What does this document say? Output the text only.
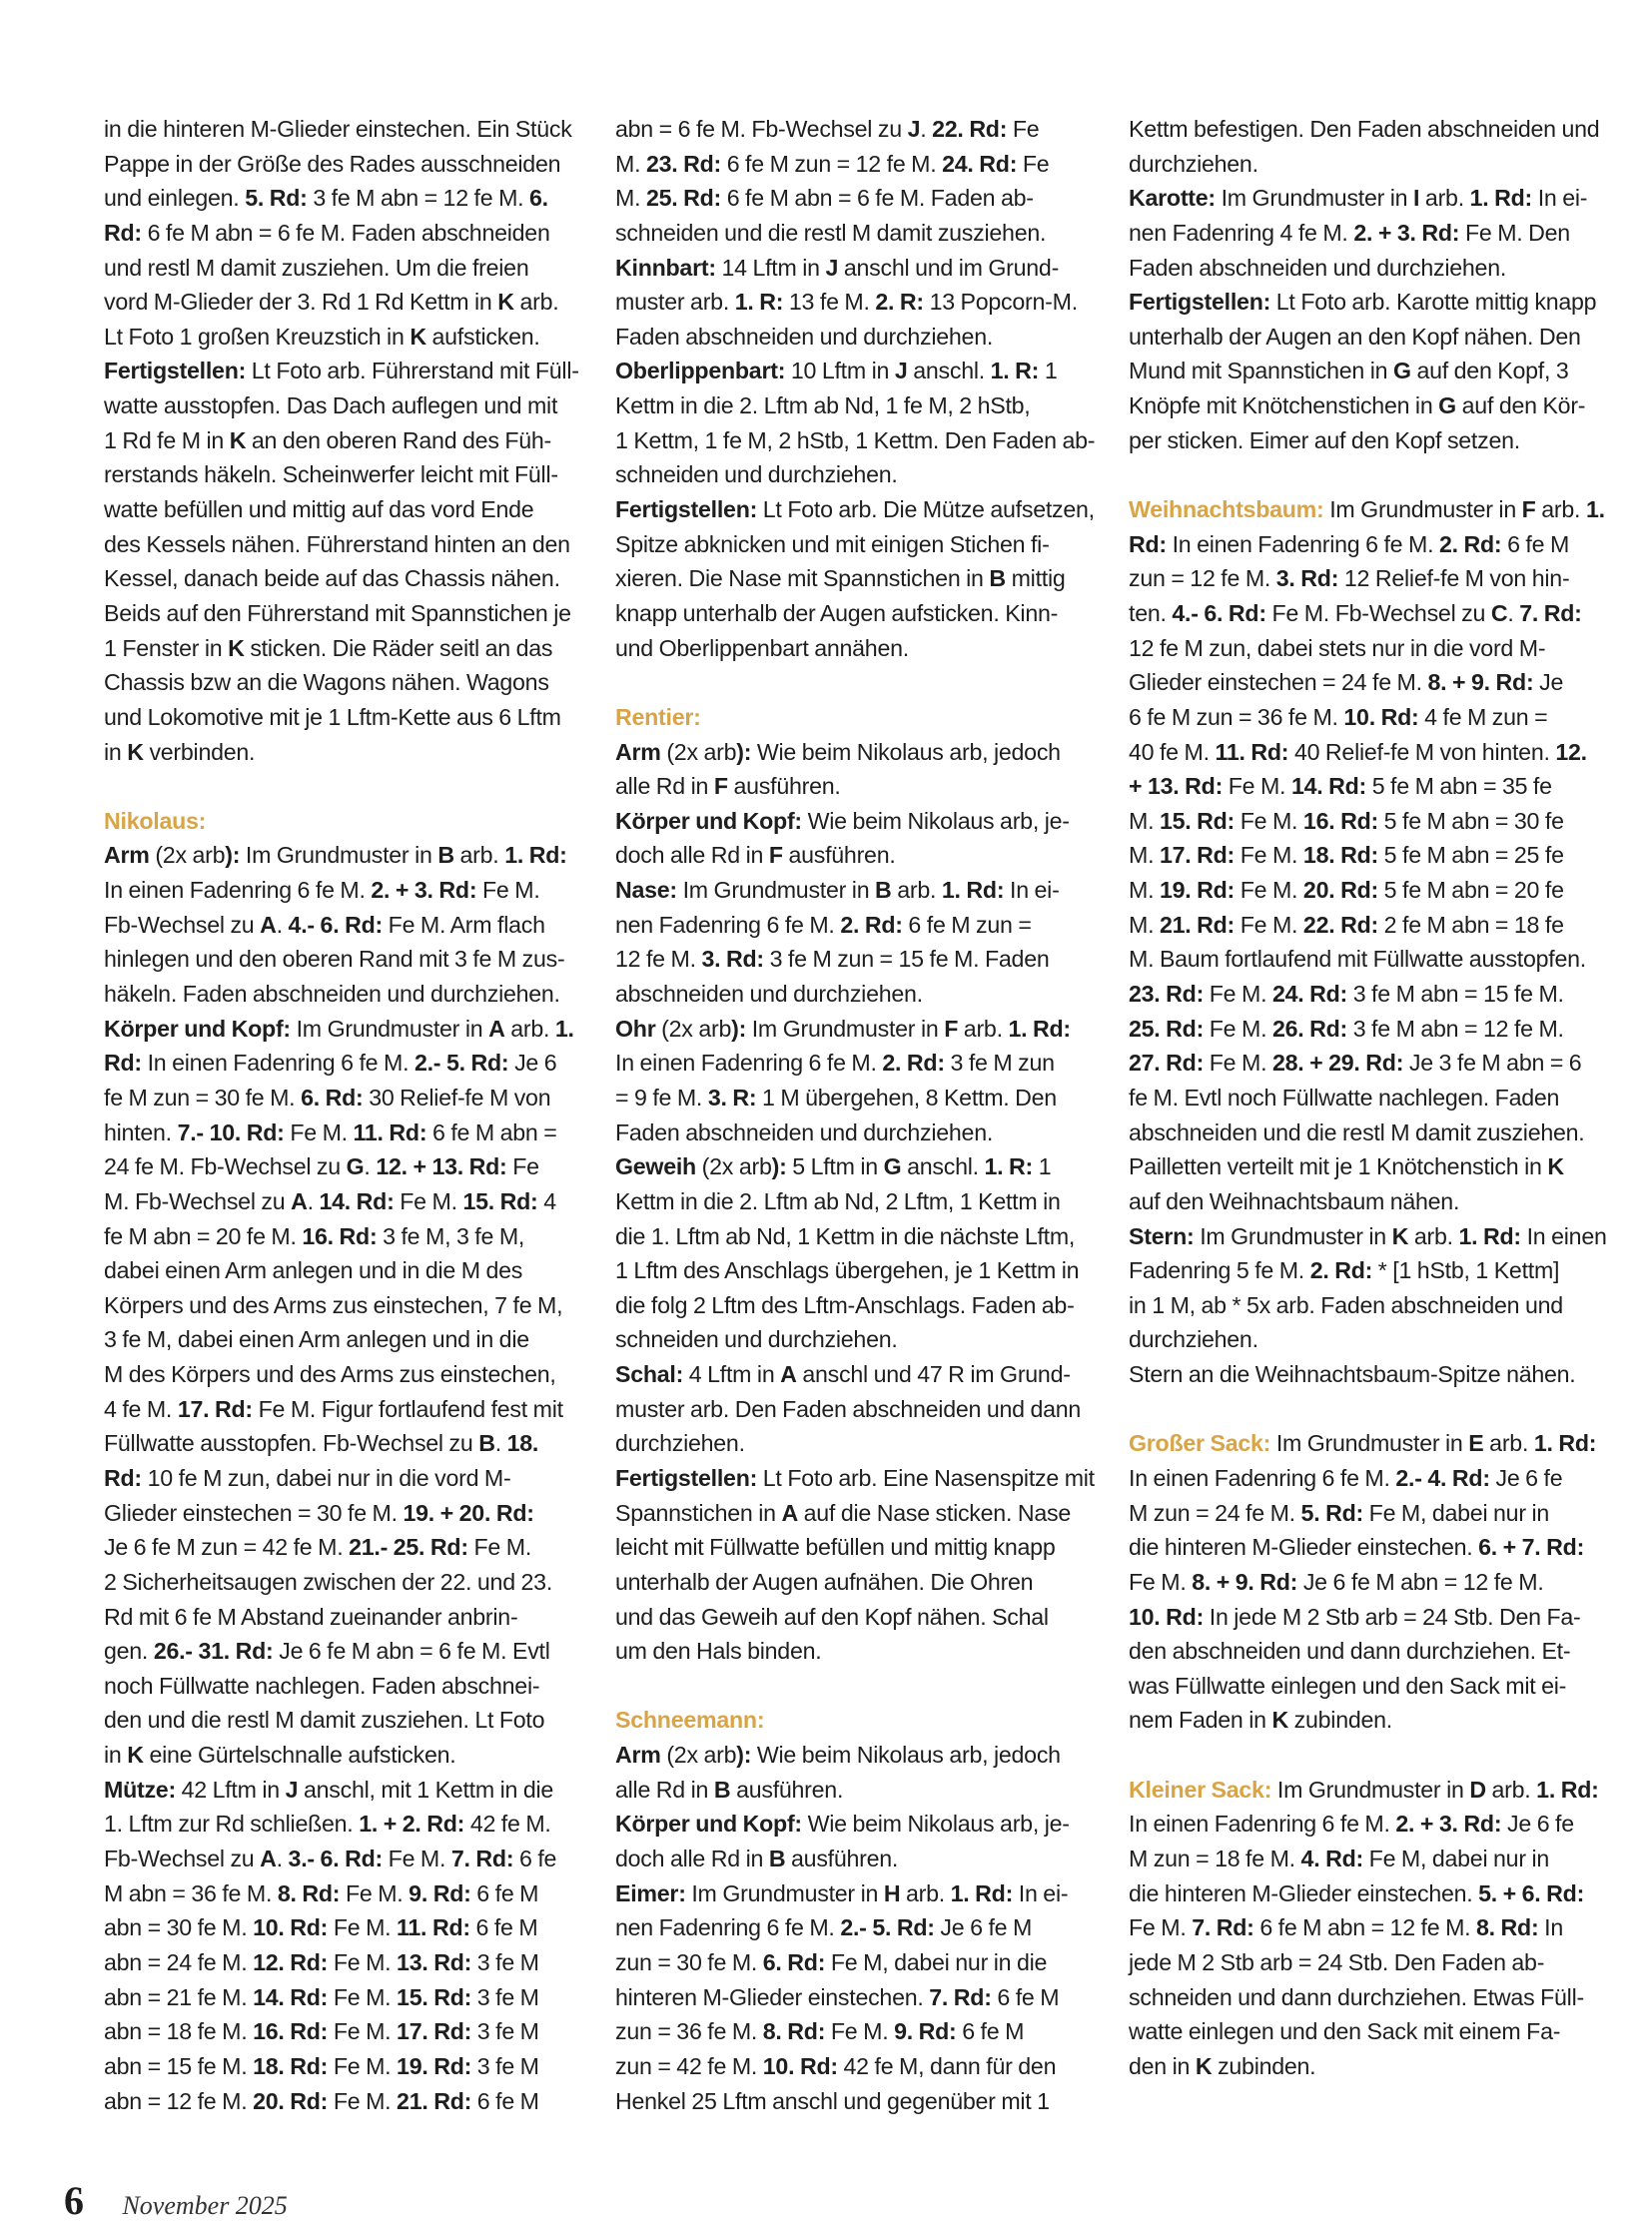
in die hinteren M-Glieder einstechen. Ein Stück
Pappe in der Größe des Rades ausschneiden
und einlegen. 5. Rd: 3 fe M abn = 12 fe M. 6.
Rd: 6 fe M abn = 6 fe M. Faden abschneiden
und restl M damit zusziehen. Um die freien
vord M-Glieder der 3. Rd 1 Rd Kettm in K arb.
Lt Foto 1 großen Kreuzstich in K aufsticken.
Fertigstellen: Lt Foto arb. Führerstand mit Füll-
watte ausstopfen. Das Dach auflegen und mit
1 Rd fe M in K an den oberen Rand des Füh-
rerstands häkeln. Scheinwerfer leicht mit Füll-
watte befüllen und mittig auf das vord Ende
des Kessels nähen. Führerstand hinten an den
Kessel, danach beide auf das Chassis nähen.
Beids auf den Führerstand mit Spannstichen je
1 Fenster in K sticken. Die Räder seitl an das
Chassis bzw an die Wagons nähen. Wagons
und Lokomotive mit je 1 Lftm-Kette aus 6 Lftm
in K verbinden.
Nikolaus:
Arm (2x arb): Im Grundmuster in B arb. 1. Rd:
In einen Fadenring 6 fe M. 2. + 3. Rd: Fe M.
Fb-Wechsel zu A. 4.- 6. Rd: Fe M. Arm flach
hinlegen und den oberen Rand mit 3 fe M zus-
häkeln. Faden abschneiden und durchziehen.
Körper und Kopf: Im Grundmuster in A arb. 1.
Rd: In einen Fadenring 6 fe M. 2.- 5. Rd: Je 6
fe M zun = 30 fe M. 6. Rd: 30 Relief-fe M von
hinten. 7.- 10. Rd: Fe M. 11. Rd: 6 fe M abn =
24 fe M. Fb-Wechsel zu G. 12. + 13. Rd: Fe
M. Fb-Wechsel zu A. 14. Rd: Fe M. 15. Rd: 4
fe M abn = 20 fe M. 16. Rd: 3 fe M, 3 fe M,
dabei einen Arm anlegen und in die M des
Körpers und des Arms zus einstechen, 7 fe M,
3 fe M, dabei einen Arm anlegen und in die
M des Körpers und des Arms zus einstechen,
4 fe M. 17. Rd: Fe M. Figur fortlaufend fest mit
Füllwatte ausstopfen. Fb-Wechsel zu B. 18.
Rd: 10 fe M zun, dabei nur in die vord M-
Glieder einstechen = 30 fe M. 19. + 20. Rd:
Je 6 fe M zun = 42 fe M. 21.- 25. Rd: Fe M.
2 Sicherheitsaugen zwischen der 22. und 23.
Rd mit 6 fe M Abstand zueinander anbrin-
gen. 26.- 31. Rd: Je 6 fe M abn = 6 fe M. Evtl
noch Füllwatte nachlegen. Faden abschnei-
den und die restl M damit zusziehen. Lt Foto
in K eine Gürtelschnalle aufsticken.
Mütze: 42 Lftm in J anschl, mit 1 Kettm in die
1. Lftm zur Rd schließen. 1. + 2. Rd: 42 fe M.
Fb-Wechsel zu A. 3.- 6. Rd: Fe M. 7. Rd: 6 fe
M abn = 36 fe M. 8. Rd: Fe M. 9. Rd: 6 fe M
abn = 30 fe M. 10. Rd: Fe M. 11. Rd: 6 fe M
abn = 24 fe M. 12. Rd: Fe M. 13. Rd: 3 fe M
abn = 21 fe M. 14. Rd: Fe M. 15. Rd: 3 fe M
abn = 18 fe M. 16. Rd: Fe M. 17. Rd: 3 fe M
abn = 15 fe M. 18. Rd: Fe M. 19. Rd: 3 fe M
abn = 12 fe M. 20. Rd: Fe M. 21. Rd: 6 fe M
abn = 6 fe M. Fb-Wechsel zu J. 22. Rd: Fe
M. 23. Rd: 6 fe M zun = 12 fe M. 24. Rd: Fe
M. 25. Rd: 6 fe M abn = 6 fe M. Faden ab-
schneiden und die restl M damit zusziehen.
Kinnbart: 14 Lftm in J anschl und im Grund-
muster arb. 1. R: 13 fe M. 2. R: 13 Popcorn-M.
Faden abschneiden und durchziehen.
Oberlippenbart: 10 Lftm in J anschl. 1. R: 1
Kettm in die 2. Lftm ab Nd, 1 fe M, 2 hStb,
1 Kettm, 1 fe M, 2 hStb, 1 Kettm. Den Faden ab-
schneiden und durchziehen.
Fertigstellen: Lt Foto arb. Die Mütze aufsetzen,
Spitze abknicken und mit einigen Stichen fi-
xieren. Die Nase mit Spannstichen in B mittig
knapp unterhalb der Augen aufsticken. Kinn-
und Oberlippenbart annähen.
Rentier:
Arm (2x arb): Wie beim Nikolaus arb, jedoch
alle Rd in F ausführen.
Körper und Kopf: Wie beim Nikolaus arb, je-
doch alle Rd in F ausführen.
Nase: Im Grundmuster in B arb. 1. Rd: In ei-
nen Fadenring 6 fe M. 2. Rd: 6 fe M zun =
12 fe M. 3. Rd: 3 fe M zun = 15 fe M. Faden
abschneiden und durchziehen.
Ohr (2x arb): Im Grundmuster in F arb. 1. Rd:
In einen Fadenring 6 fe M. 2. Rd: 3 fe M zun
= 9 fe M. 3. R: 1 M übergehen, 8 Kettm. Den
Faden abschneiden und durchziehen.
Geweih (2x arb): 5 Lftm in G anschl. 1. R: 1
Kettm in die 2. Lftm ab Nd, 2 Lftm, 1 Kettm in
die 1. Lftm ab Nd, 1 Kettm in die nächste Lftm,
1 Lftm des Anschlags übergehen, je 1 Kettm in
die folg 2 Lftm des Lftm-Anschlags. Faden ab-
schneiden und durchziehen.
Schal: 4 Lftm in A anschl und 47 R im Grund-
muster arb. Den Faden abschneiden und dann
durchziehen.
Fertigstellen: Lt Foto arb. Eine Nasenspitze mit
Spannstichen in A auf die Nase sticken. Nase
leicht mit Füllwatte befüllen und mittig knapp
unterhalb der Augen aufnähen. Die Ohren
und das Geweih auf den Kopf nähen. Schal
um den Hals binden.
Schneemann:
Arm (2x arb): Wie beim Nikolaus arb, jedoch
alle Rd in B ausführen.
Körper und Kopf: Wie beim Nikolaus arb, je-
doch alle Rd in B ausführen.
Eimer: Im Grundmuster in H arb. 1. Rd: In ei-
nen Fadenring 6 fe M. 2.- 5. Rd: Je 6 fe M
zun = 30 fe M. 6. Rd: Fe M, dabei nur in die
hinteren M-Glieder einstechen. 7. Rd: 6 fe M
zun = 36 fe M. 8. Rd: Fe M. 9. Rd: 6 fe M
zun = 42 fe M. 10. Rd: 42 fe M, dann für den
Henkel 25 Lftm anschl und gegenüber mit 1
Kettm befestigen. Den Faden abschneiden und
durchziehen.
Karotte: Im Grundmuster in I arb. 1. Rd: In ei-
nen Fadenring 4 fe M. 2. + 3. Rd: Fe M. Den
Faden abschneiden und durchziehen.
Fertigstellen: Lt Foto arb. Karotte mittig knapp
unterhalb der Augen an den Kopf nähen. Den
Mund mit Spannstichen in G auf den Kopf, 3
Knöpfe mit Knötchenstichen in G auf den Kör-
per sticken. Eimer auf den Kopf setzen.
Weihnachtsbaum: Im Grundmuster in F arb. 1.
Rd: In einen Fadenring 6 fe M. 2. Rd: 6 fe M
zun = 12 fe M. 3. Rd: 12 Relief-fe M von hin-
ten. 4.- 6. Rd: Fe M. Fb-Wechsel zu C. 7. Rd:
12 fe M zun, dabei stets nur in die vord M-
Glieder einstechen = 24 fe M. 8. + 9. Rd: Je
6 fe M zun = 36 fe M. 10. Rd: 4 fe M zun =
40 fe M. 11. Rd: 40 Relief-fe M von hinten. 12.
+ 13. Rd: Fe M. 14. Rd: 5 fe M abn = 35 fe
M. 15. Rd: Fe M. 16. Rd: 5 fe M abn = 30 fe
M. 17. Rd: Fe M. 18. Rd: 5 fe M abn = 25 fe
M. 19. Rd: Fe M. 20. Rd: 5 fe M abn = 20 fe
M. 21. Rd: Fe M. 22. Rd: 2 fe M abn = 18 fe
M. Baum fortlaufend mit Füllwatte ausstopfen.
23. Rd: Fe M. 24. Rd: 3 fe M abn = 15 fe M.
25. Rd: Fe M. 26. Rd: 3 fe M abn = 12 fe M.
27. Rd: Fe M. 28. + 29. Rd: Je 3 fe M abn = 6
fe M. Evtl noch Füllwatte nachlegen. Faden
abschneiden und die restl M damit zusziehen.
Pailletten verteilt mit je 1 Knötchenstich in K
auf den Weihnachtsbaum nähen.
Stern: Im Grundmuster in K arb. 1. Rd: In einen
Fadenring 5 fe M. 2. Rd: * [1 hStb, 1 Kettm]
in 1 M, ab * 5x arb. Faden abschneiden und
durchziehen.
Stern an die Weihnachtsbaum-Spitze nähen.
Großer Sack: Im Grundmuster in E arb. 1. Rd:
In einen Fadenring 6 fe M. 2.- 4. Rd: Je 6 fe
M zun = 24 fe M. 5. Rd: Fe M, dabei nur in
die hinteren M-Glieder einstechen. 6. + 7. Rd:
Fe M. 8. + 9. Rd: Je 6 fe M abn = 12 fe M.
10. Rd: In jede M 2 Stb arb = 24 Stb. Den Fa-
den abschneiden und dann durchziehen. Et-
was Füllwatte einlegen und den Sack mit ei-
nem Faden in K zubinden.
Kleiner Sack: Im Grundmuster in D arb. 1. Rd:
In einen Fadenring 6 fe M. 2. + 3. Rd: Je 6 fe
M zun = 18 fe M. 4. Rd: Fe M, dabei nur in
die hinteren M-Glieder einstechen. 5. + 6. Rd:
Fe M. 7. Rd: 6 fe M abn = 12 fe M. 8. Rd: In
jede M 2 Stb arb = 24 Stb. Den Faden ab-
schneiden und dann durchziehen. Etwas Füll-
watte einlegen und den Sack mit einem Fa-
den in K zubinden.
6 November 2025
